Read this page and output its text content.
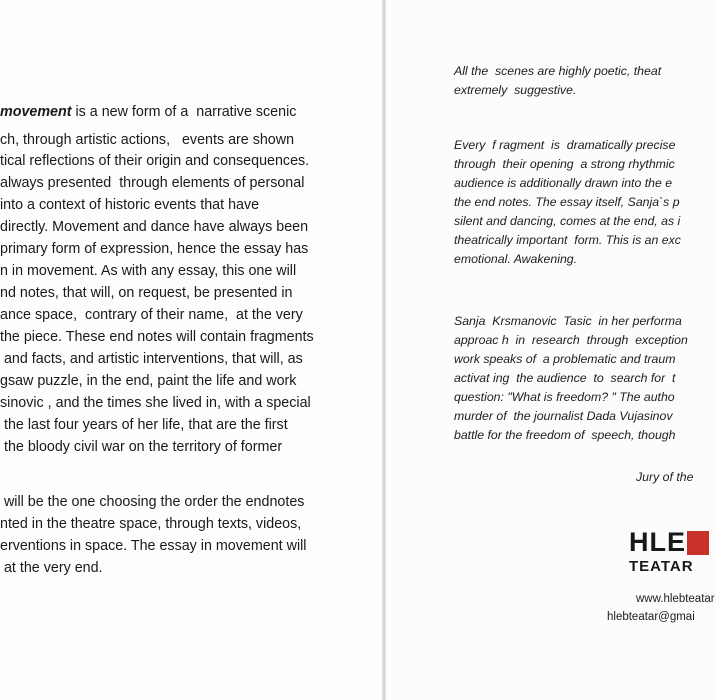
movement is a new form of a  narrative scenic
ch, through artistic actions,   events are shown
tical reflections of their origin and consequences.
always presented  through elements of personal
into a context of historic events that have
directly. Movement and dance have always been
primary form of expression, hence the essay has
n in movement. As with any essay, this one will
nd notes, that will, on request, be presented in
ance space,  contrary of their name,  at the very
the piece. These end notes will contain fragments
and facts, and artistic interventions, that will, as
gsaw puzzle, in the end, paint the life and work
sinovic , and the times she lived in, with a special
the last four years of her life, that are the first
the bloody civil war on the territory of former
will be the one choosing the order the endnotes
nted in the theatre space, through texts, videos,
erventions in space. The essay in movement will
at the very end.
All the  scenes are highly poetic, theat
extremely  suggestive.
Every  f ragment  is  dramatically precise
through  their opening  a strong rhythmic
audience is additionally drawn into the e
the end notes. The essay itself, Sanja`s p
silent and dancing, comes at the end, as i
theatrically important  form. This is an exc
emotional. Awakening.
Sanja  Krsmanovic  Tasic  in her performa
approac h  in  research  through  exception
work speaks of  a problematic and traum
activat ing  the audience  to  search for  t
question: "What is freedom? " The autho
murder of  the journalist Dada Vujasinov
battle for the freedom of  speech, though
Jury of the
HLE
TEATAR
www.hlebteatar
hlebteatar@gmai
